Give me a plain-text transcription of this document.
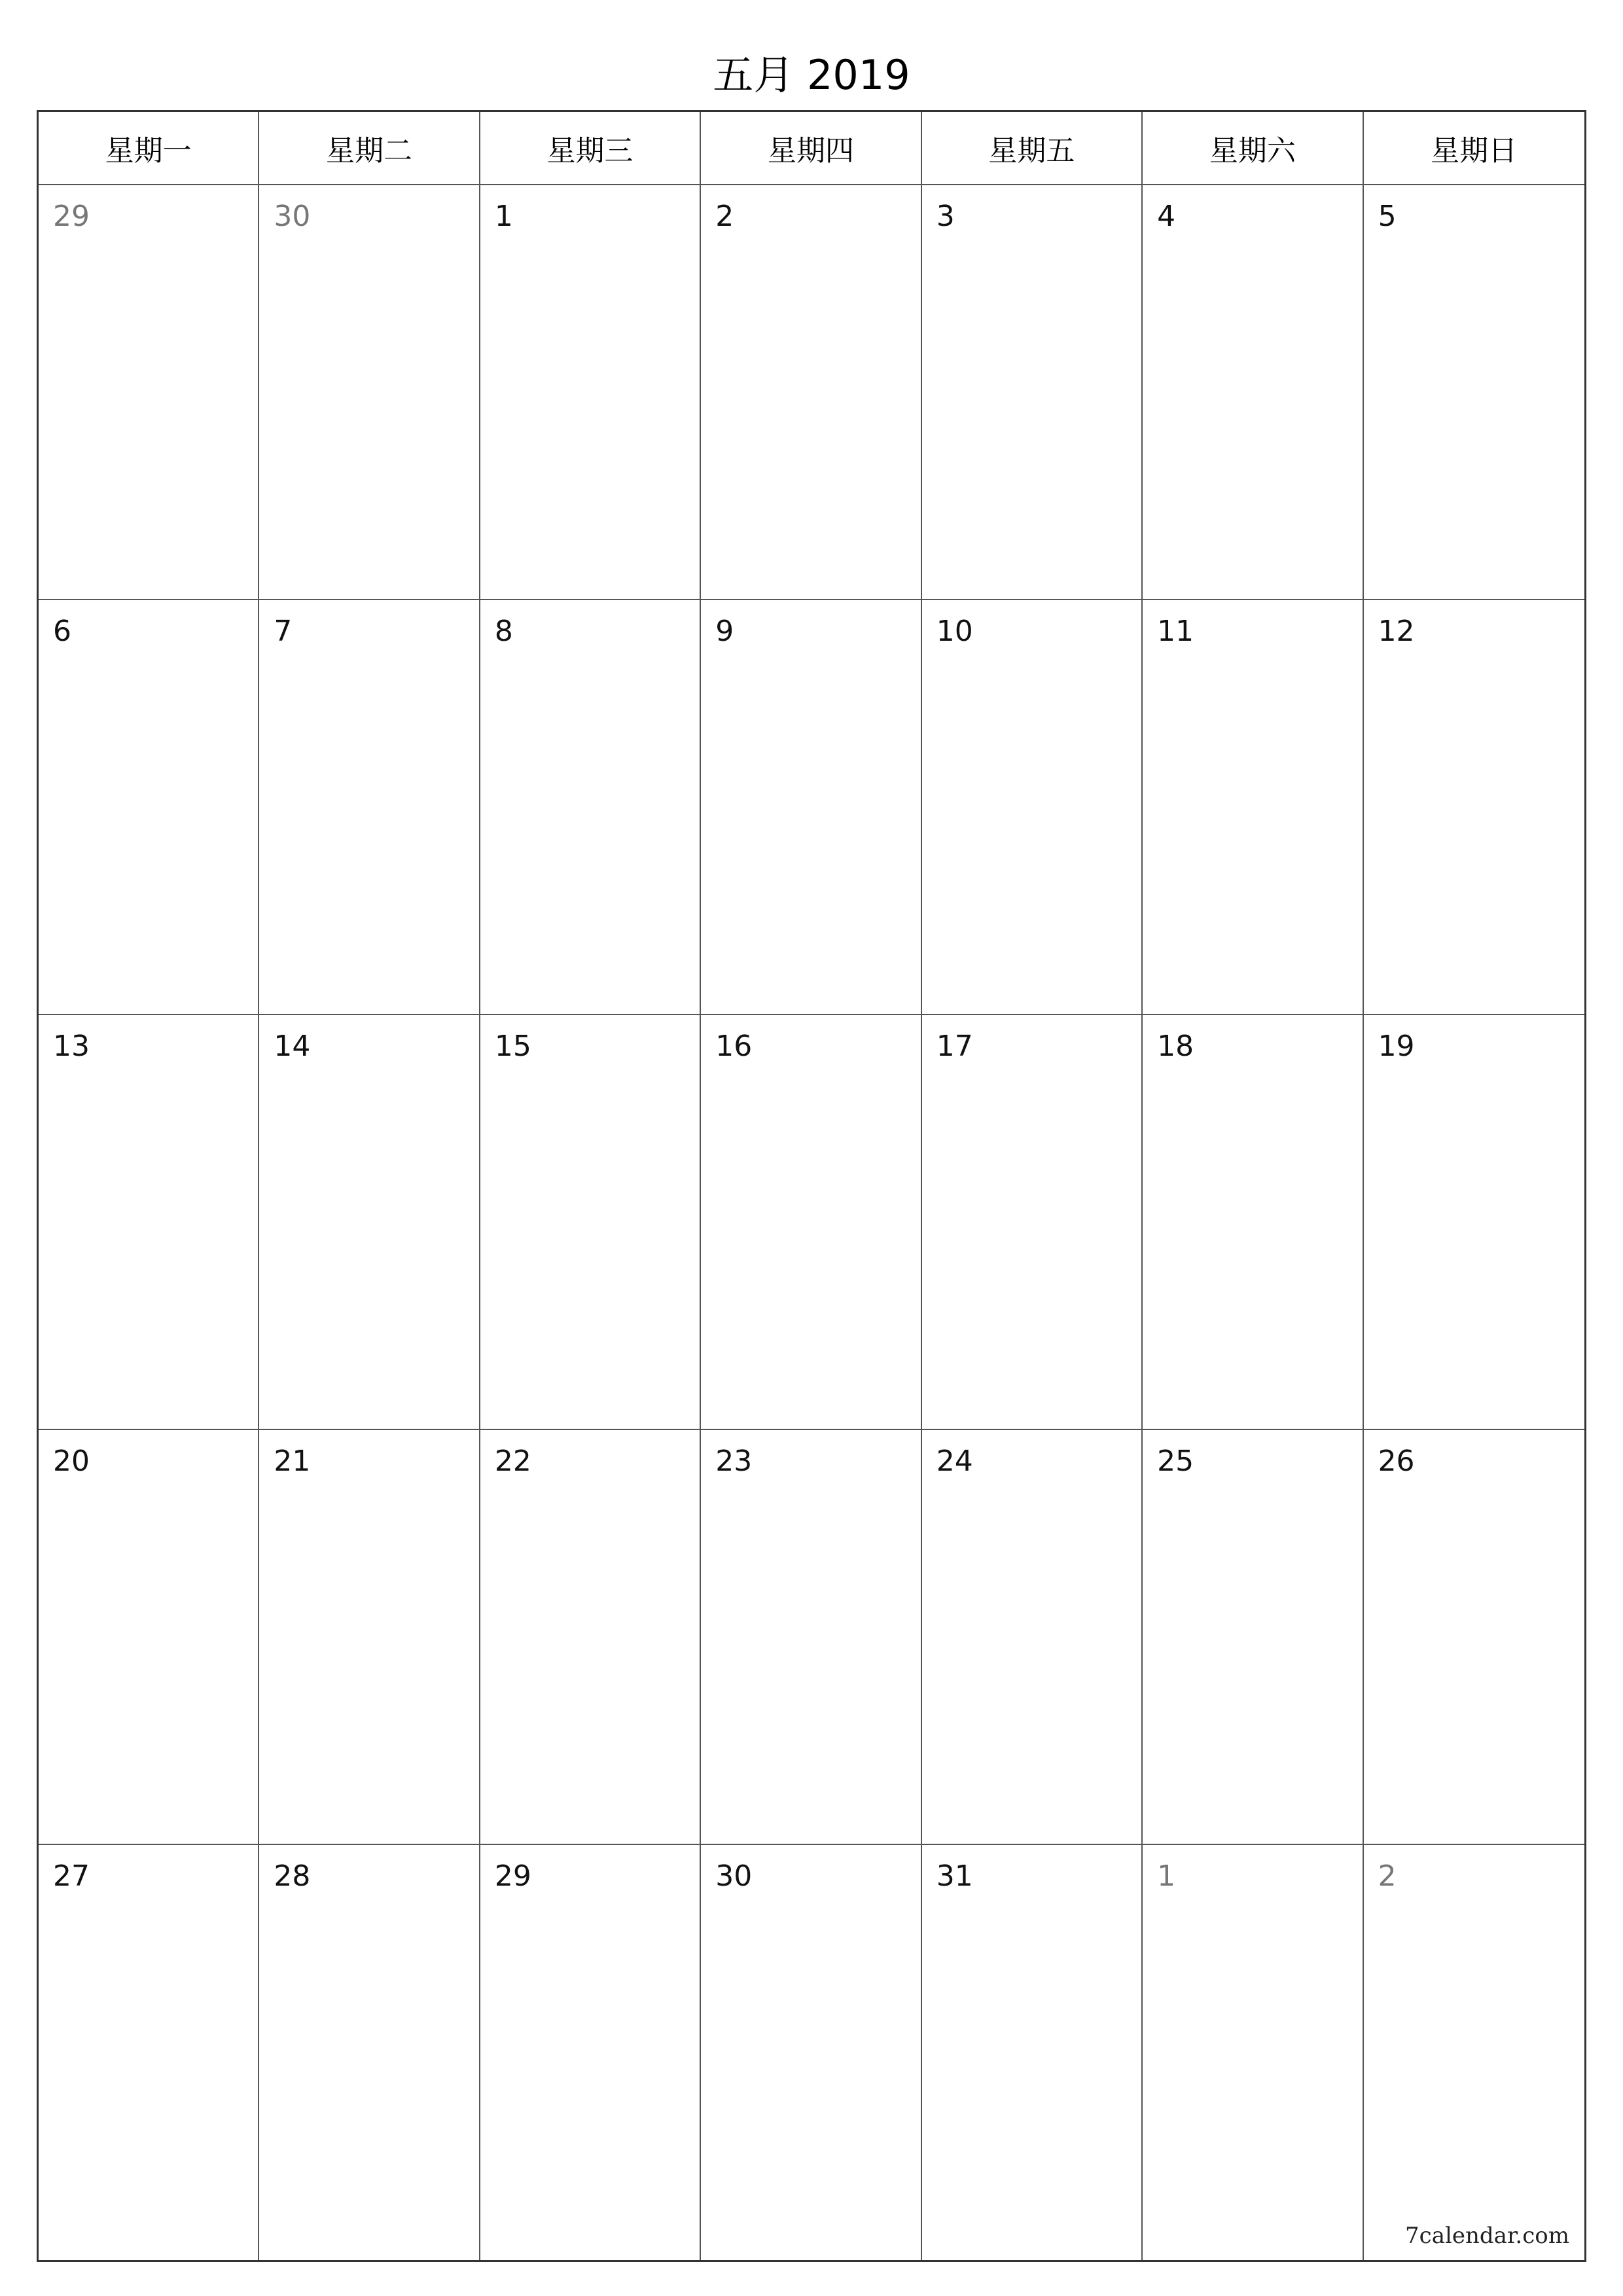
五月 2019
星期一	星期二	星期三	星期四	星期五	星期六	星期日
29	30	1	2	3	4	5
6	7	8	9	10	11	12
13	14	15	16	17	18	19
20	21	22	23	24	25	26
27	28	29	30	31	1	2
7calendar.com
